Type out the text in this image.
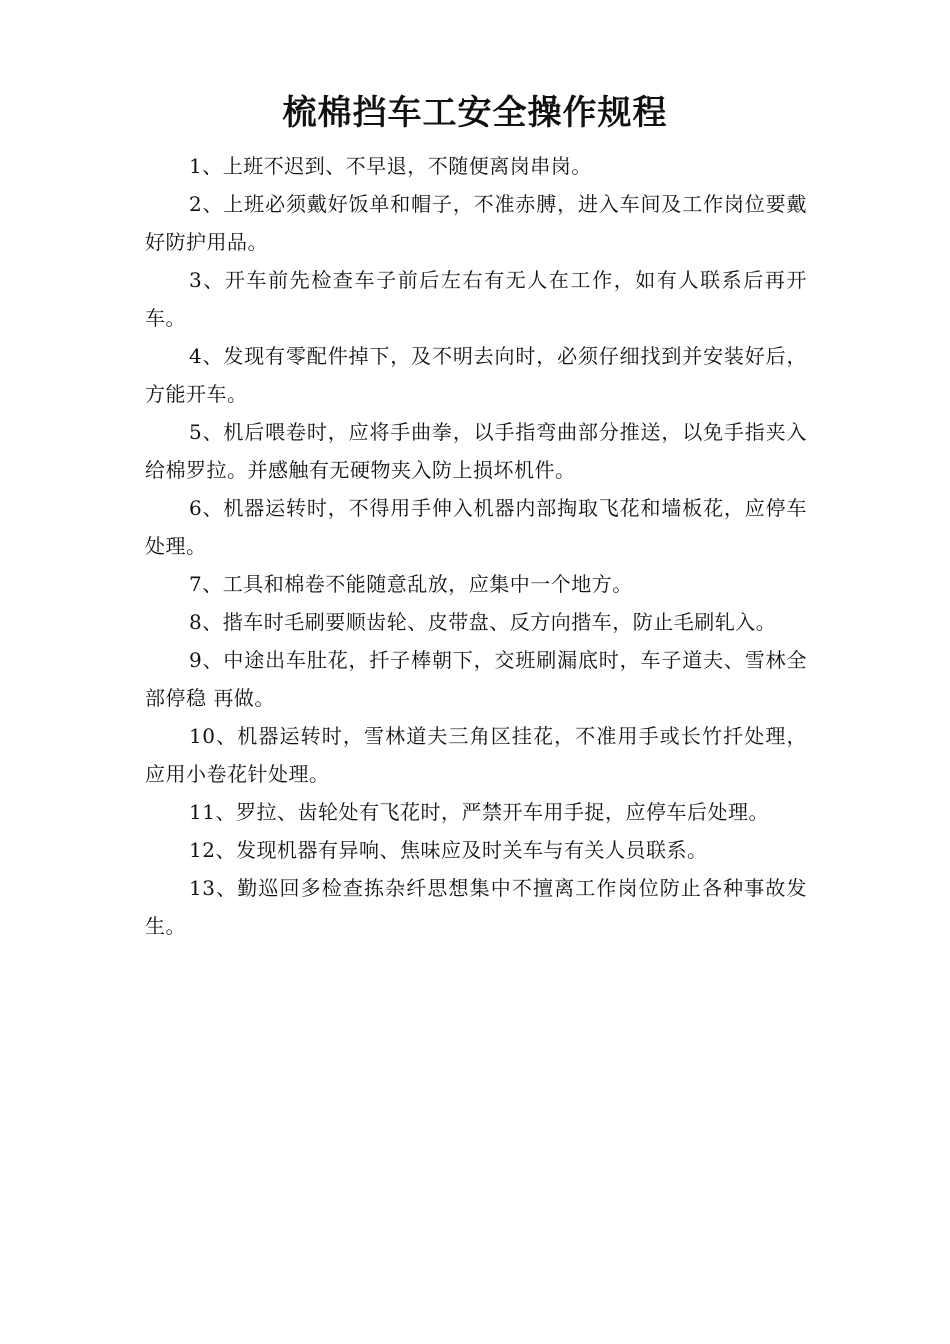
梳棉挡车工安全操作规程

1、上班不迟到、不早退，不随便离岗串岗。

2、上班必须戴好饭单和帽子，不准赤膊，进入车间及工作岗位要戴好防护用品。

3、开车前先检查车子前后左右有无人在工作，如有人联系后再开车。

4、发现有零配件掉下，及不明去向时，必须仔细找到并安装好后，方能开车。

5、机后喂卷时，应将手曲拳，以手指弯曲部分推送，以免手指夹入给棉罗拉。并感触有无硬物夹入防上损坏机件。

6、机器运转时，不得用手伸入机器内部掏取飞花和墙板花，应停车处理。

7、工具和棉卷不能随意乱放，应集中一个地方。

8、揩车时毛刷要顺齿轮、皮带盘、反方向揩车，防止毛刷轧入。

9、中途出车肚花，扦子棒朝下，交班刷漏底时，车子道夫、雪林全部停稳 再做。

10、机器运转时，雪林道夫三角区挂花，不准用手或长竹扦处理，应用小卷花针处理。

11、罗拉、齿轮处有飞花时，严禁开车用手捉，应停车后处理。

12、发现机器有异响、焦味应及时关车与有关人员联系。

13、勤巡回多检查拣杂纤思想集中不擅离工作岗位防止各种事故发生。
